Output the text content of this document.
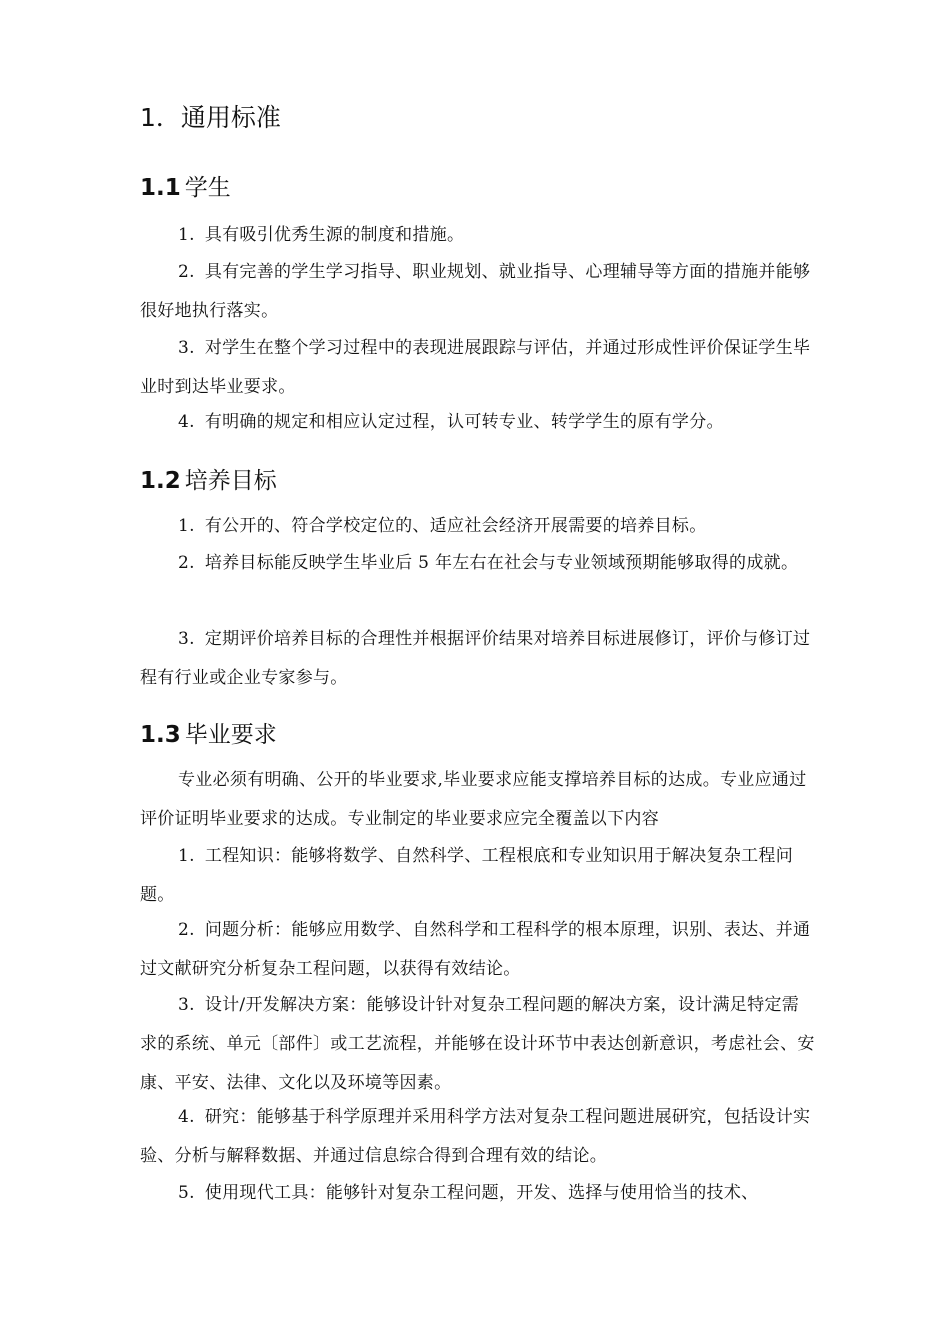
1．通用标准
1.1 学生

1. 具有吸引优秀生源的制度和措施。

2. 具有完善的学生学习指导、职业规划、就业指导、心理辅导等方面的措施并能够很好地执行落实。

3. 对学生在整个学习过程中的表现进展跟踪与评估，并通过形成性评价保证学生毕业时到达毕业要求。

4. 有明确的规定和相应认定过程，认可转专业、转学学生的原有学分。

1.2 培养目标

1. 有公开的、符合学校定位的、适应社会经济开展需要的培养目标。

2. 培养目标能反映学生毕业后 5 年左右在社会与专业领域预期能够取得的成就。

3. 定期评价培养目标的合理性并根据评价结果对培养目标进展修订，评价与修订过程有行业或企业专家参与。

1.3 毕业要求

专业必须有明确、公开的毕业要求,毕业要求应能支撑培养目标的达成。专业应通过评价证明毕业要求的达成。专业制定的毕业要求应完全覆盖以下内容

1. 工程知识：能够将数学、自然科学、工程根底和专业知识用于解决复杂工程问题。

2. 问题分析：能够应用数学、自然科学和工程科学的根本原理，识别、表达、并通过文献研究分析复杂工程问题，以获得有效结论。

3. 设计/开发解决方案：能够设计针对复杂工程问题的解决方案，设计满足特定需求的系统、单元〔部件〕或工艺流程，并能够在设计环节中表达创新意识，考虑社会、安康、平安、法律、文化以及环境等因素。

4. 研究：能够基于科学原理并采用科学方法对复杂工程问题进展研究，包括设计实验、分析与解释数据、并通过信息综合得到合理有效的结论。

5. 使用现代工具：能够针对复杂工程问题，开发、选择与使用恰当的技术、
